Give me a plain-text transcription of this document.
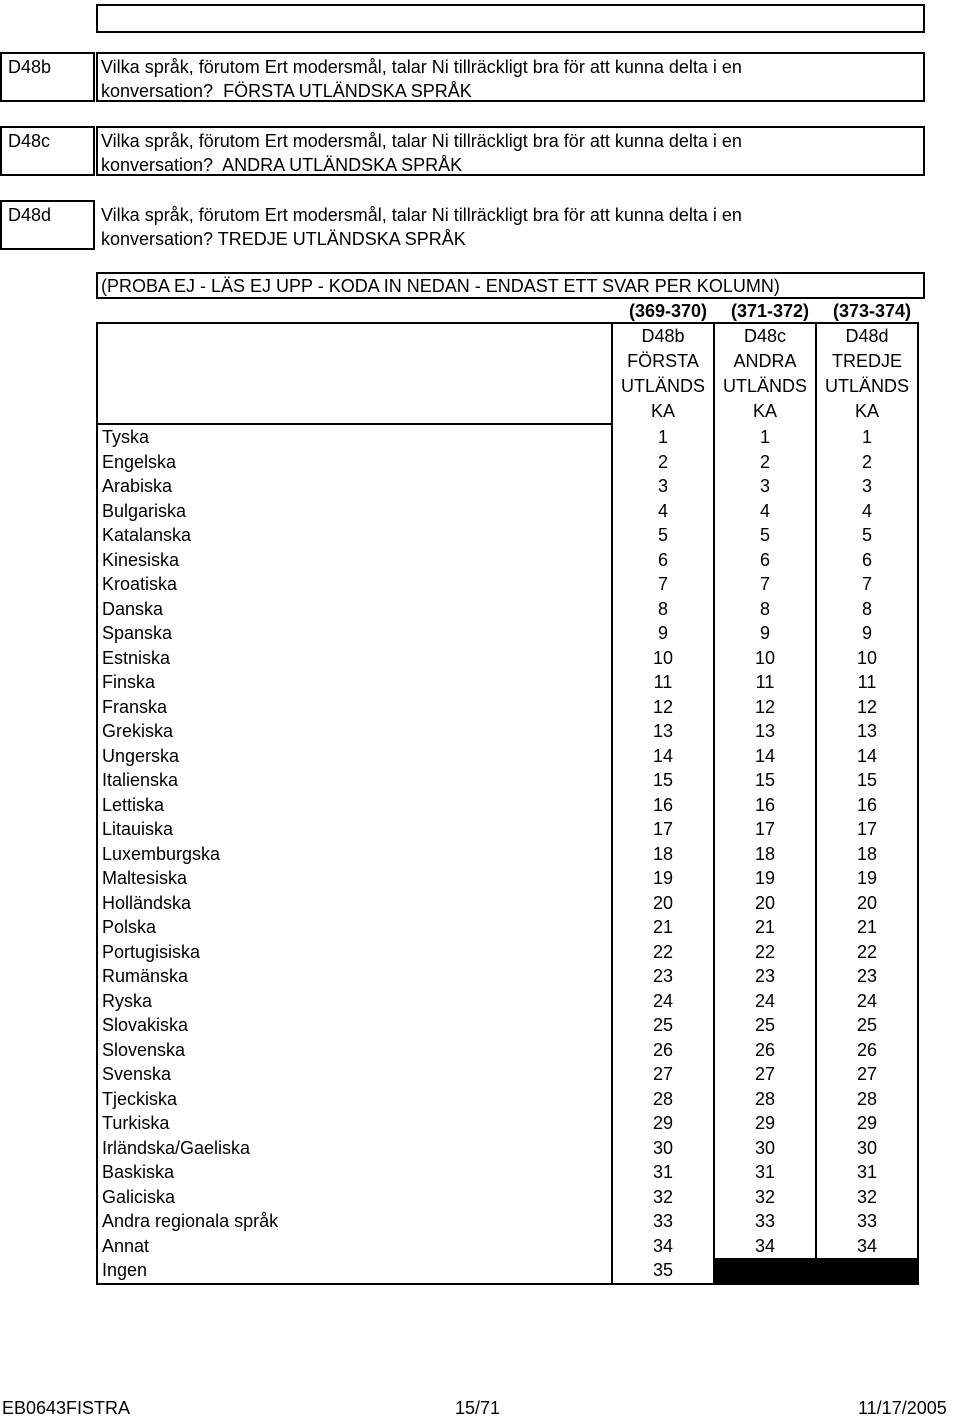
D48b	Vilka språk, förutom Ert modersmål, talar Ni tillräckligt bra för att kunna delta i en
konversation?  FÖRSTA UTLÄNDSKA SPRÅK
D48c	Vilka språk, förutom Ert modersmål, talar Ni tillräckligt bra för att kunna delta i en
konversation?  ANDRA UTLÄNDSKA SPRÅK
D48d	Vilka språk, förutom Ert modersmål, talar Ni tillräckligt bra för att kunna delta i en
konversation? TREDJE UTLÄNDSKA SPRÅK
(PROBA EJ - LÄS EJ UPP - KODA IN NEDAN - ENDAST ETT SVAR PER KOLUMN)
(369-370)	(371-372)	(373-374)
	D48b	D48c	D48d
	FÖRSTA	ANDRA	TREDJE
	UTLÄNDS	UTLÄNDS	UTLÄNDS
	KA	KA	KA
Tyska	1	1	1
Engelska	2	2	2
Arabiska	3	3	3
Bulgariska	4	4	4
Katalanska	5	5	5
Kinesiska	6	6	6
Kroatiska	7	7	7
Danska	8	8	8
Spanska	9	9	9
Estniska	10	10	10
Finska	11	11	11
Franska	12	12	12
Grekiska	13	13	13
Ungerska	14	14	14
Italienska	15	15	15
Lettiska	16	16	16
Litauiska	17	17	17
Luxemburgska	18	18	18
Maltesiska	19	19	19
Holländska	20	20	20
Polska	21	21	21
Portugisiska	22	22	22
Rumänska	23	23	23
Ryska	24	24	24
Slovakiska	25	25	25
Slovenska	26	26	26
Svenska	27	27	27
Tjeckiska	28	28	28
Turkiska	29	29	29
Irländska/Gaeliska	30	30	30
Baskiska	31	31	31
Galiciska	32	32	32
Andra regionala språk	33	33	33
Annat	34	34	34
Ingen	35		
EB0643FISTRA	15/71	11/17/2005
